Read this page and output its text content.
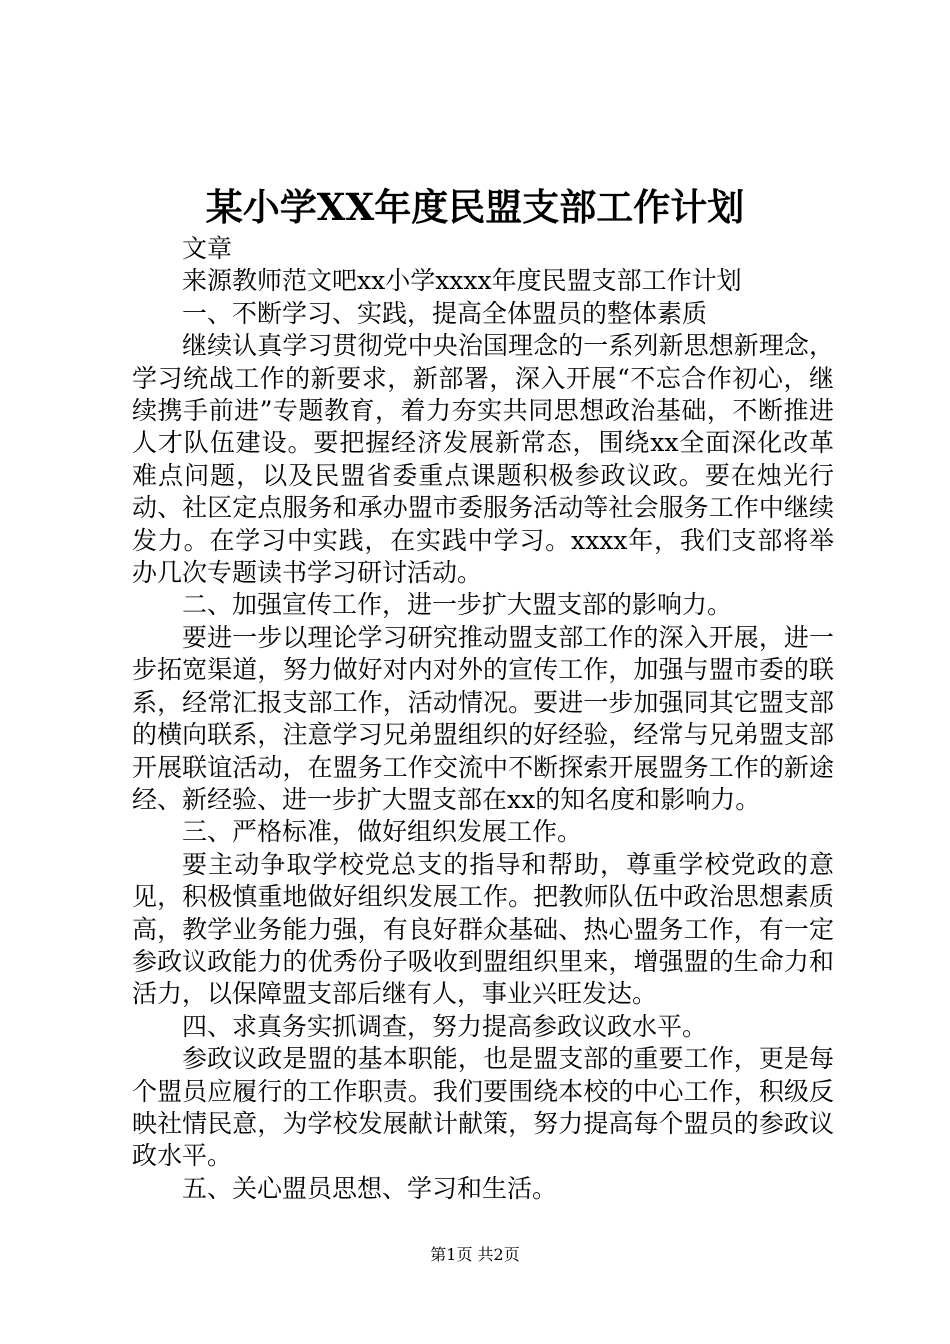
某小学XX年度民盟支部工作计划

文章

来源教师范文吧xx小学xxxx年度民盟支部工作计划

一、不断学习、实践，提高全体盟员的整体素质

继续认真学习贯彻党中央治国理念的一系列新思想新理念，学习统战工作的新要求，新部署，深入开展“不忘合作初心，继续携手前进”专题教育，着力夯实共同思想政治基础，不断推进人才队伍建设。要把握经济发展新常态，围绕xx全面深化改革难点问题，以及民盟省委重点课题积极参政议政。要在烛光行动、社区定点服务和承办盟市委服务活动等社会服务工作中继续发力。在学习中实践，在实践中学习。xxxx年，我们支部将举办几次专题读书学习研讨活动。

二、加强宣传工作，进一步扩大盟支部的影响力。

要进一步以理论学习研究推动盟支部工作的深入开展，进一步拓宽渠道，努力做好对内对外的宣传工作，加强与盟市委的联系，经常汇报支部工作，活动情况。要进一步加强同其它盟支部的横向联系，注意学习兄弟盟组织的好经验，经常与兄弟盟支部开展联谊活动，在盟务工作交流中不断探索开展盟务工作的新途经、新经验、进一步扩大盟支部在xx的知名度和影响力。

三、严格标准，做好组织发展工作。

要主动争取学校党总支的指导和帮助，尊重学校党政的意见，积极慎重地做好组织发展工作。把教师队伍中政治思想素质高，教学业务能力强，有良好群众基础、热心盟务工作，有一定参政议政能力的优秀份子吸收到盟组织里来，增强盟的生命力和活力，以保障盟支部后继有人，事业兴旺发达。

四、求真务实抓调查，努力提高参政议政水平。

参政议政是盟的基本职能，也是盟支部的重要工作，更是每个盟员应履行的工作职责。我们要围绕本校的中心工作，积级反映社情民意，为学校发展献计献策，努力提高每个盟员的参政议政水平。

五、关心盟员思想、学习和生活。

第1页 共2页
